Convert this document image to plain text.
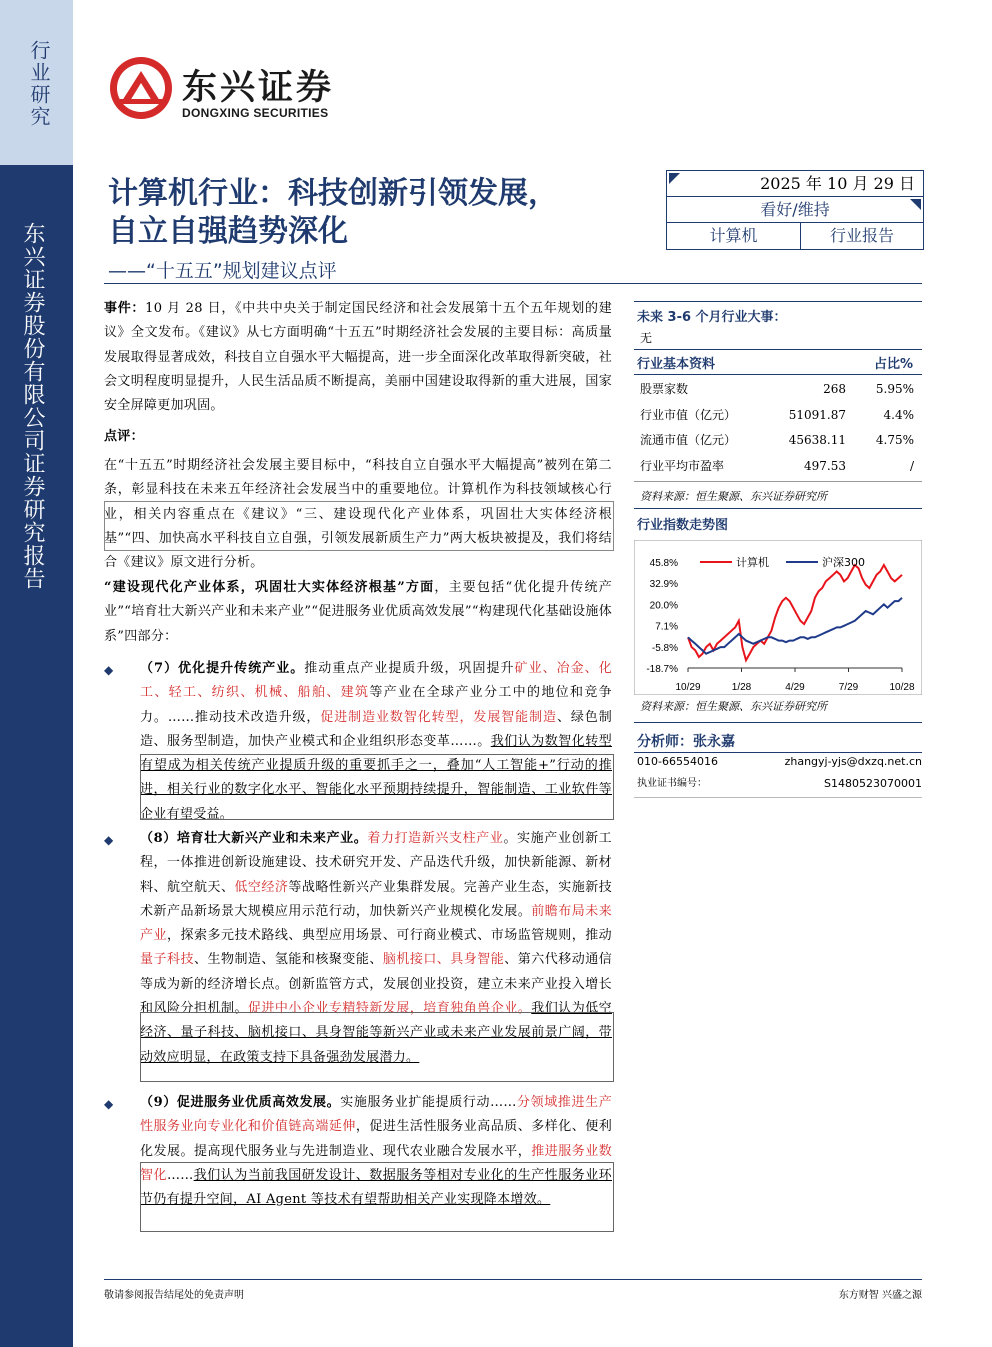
行业研究
东兴证券股份有限公司证券研究报告
东兴证券
DONGXING SECURITIES
计算机行业：科技创新引领发展，
自立自强趋势深化
——“十五五”规划建议点评
2025 年 10 月 29 日
看好/维持
计算机	行业报告
事件：10 月 28 日，《中共中央关于制定国民经济和社会发展第十五个五年规划的建议》全文发布。《建议》从七方面明确“十五五”时期经济社会发展的主要目标：高质量发展取得显著成效，科技自立自强水平大幅提高，进一步全面深化改革取得新突破，社会文明程度明显提升，人民生活品质不断提高，美丽中国建设取得新的重大进展，国家安全屏障更加巩固。
点评：
在“十五五”时期经济社会发展主要目标中，“科技自立自强水平大幅提高”被列在第二条，彰显科技在未来五年经济社会发展当中的重要地位。计算机作为科技领域核心行业，相关内容重点在《建议》“三、建设现代化产业体系，巩固壮大实体经济根基”“四、加快高水平科技自立自强，引领发展新质生产力”两大板块被提及，我们将结合《建议》原文进行分析。
“建设现代化产业体系，巩固壮大实体经济根基”方面，主要包括“优化提升传统产业”“培育壮大新兴产业和未来产业”“促进服务业优质高效发展”“构建现代化基础设施体系”四部分：
◆ （7）优化提升传统产业。推动重点产业提质升级，巩固提升矿业、冶金、化工、轻工、纺织、机械、船舶、建筑等产业在全球产业分工中的地位和竞争力。……推动技术改造升级，促进制造业数智化转型，发展智能制造、绿色制造、服务型制造，加快产业模式和企业组织形态变革……。我们认为数智化转型有望成为相关传统产业提质升级的重要抓手之一，叠加“人工智能+”行动的推进，相关行业的数字化水平、智能化水平预期持续提升，智能制造、工业软件等企业有望受益。
◆ （8）培育壮大新兴产业和未来产业。着力打造新兴支柱产业。实施产业创新工程，一体推进创新设施建设、技术研究开发、产品迭代升级，加快新能源、新材料、航空航天、低空经济等战略性新兴产业集群发展。完善产业生态，实施新技术新产品新场景大规模应用示范行动，加快新兴产业规模化发展。前瞻布局未来产业，探索多元技术路线、典型应用场景、可行商业模式、市场监管规则，推动量子科技、生物制造、氢能和核聚变能、脑机接口、具身智能、第六代移动通信等成为新的经济增长点。创新监管方式，发展创业投资，建立未来产业投入增长和风险分担机制。促进中小企业专精特新发展，培育独角兽企业。我们认为低空经济、量子科技、脑机接口、具身智能等新兴产业或未来产业发展前景广阔，带动效应明显，在政策支持下具备强劲发展潜力。
◆ （9）促进服务业优质高效发展。实施服务业扩能提质行动……分领域推进生产性服务业向专业化和价值链高端延伸，促进生活性服务业高品质、多样化、便利化发展。提高现代服务业与先进制造业、现代农业融合发展水平，推进服务业数智化……我们认为当前我国研发设计、数据服务等相对专业化的生产性服务业环节仍有提升空间，AI Agent 等技术有望帮助相关产业实现降本增效。
未来 3-6 个月行业大事：
无
行业基本资料	占比%
股票家数	268	5.95%
行业市值（亿元）	51091.87	4.4%
流通市值（亿元）	45638.11	4.75%
行业平均市盈率	497.53	/
资料来源：恒生聚源、东兴证券研究所
行业指数走势图
45.8%
32.9%
20.0%
7.1%
-5.8%
-18.7%
10/29	1/28	4/29	7/29	10/28
计算机	沪深300
资料来源：恒生聚源、东兴证券研究所
分析师：张永嘉
010-66554016	zhangyj-yjs@dxzq.net.cn
执业证书编号：	S1480523070001
敬请参阅报告结尾处的免责声明	东方财智 兴盛之源
